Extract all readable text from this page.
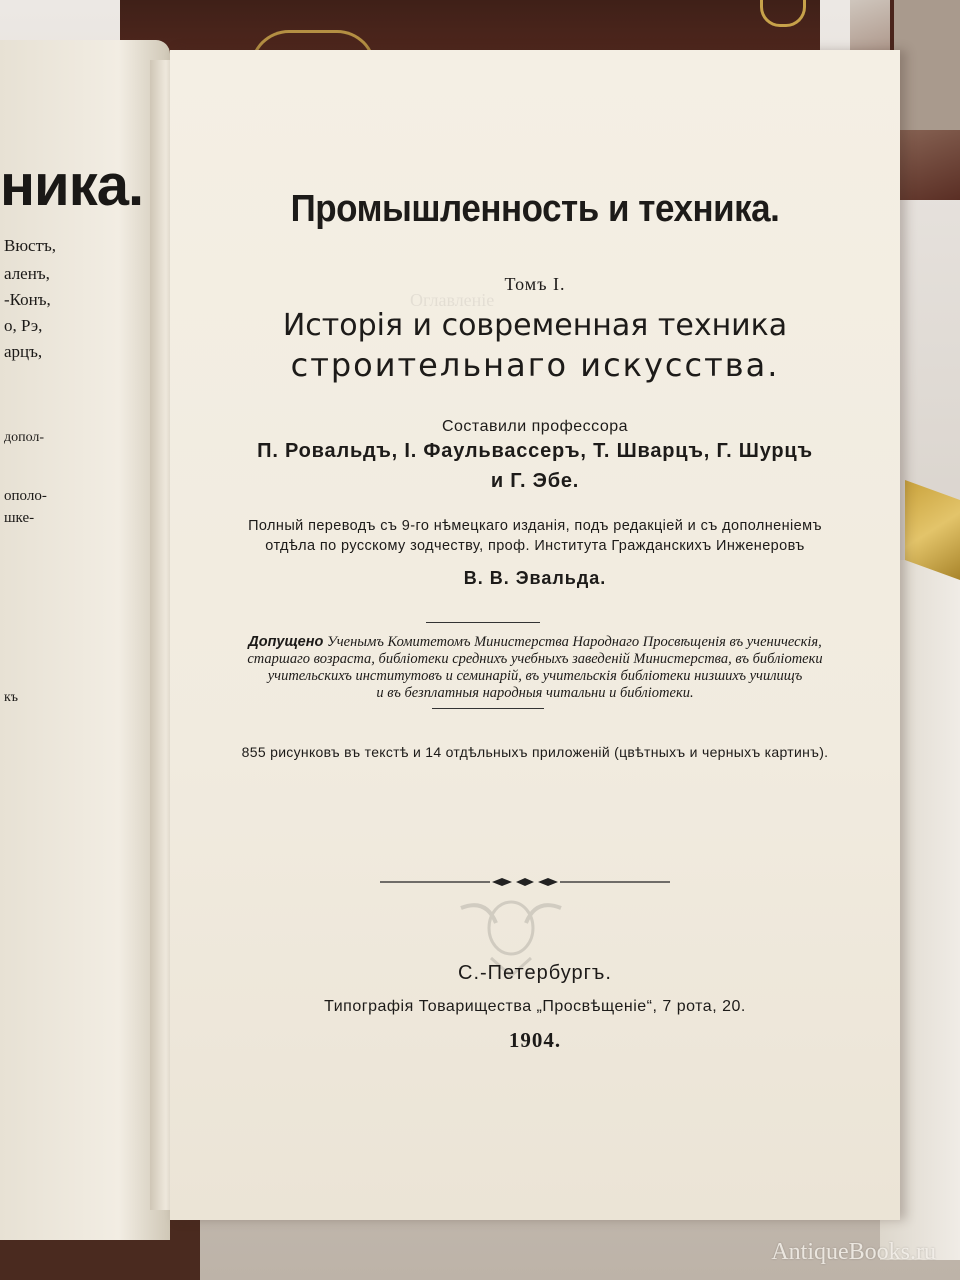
ника.
Вюстъ,
аленъ,
-Конъ,
о, Рэ,
арцъ,
допол-
ополо-
шке-
къ
Оглавленіе
Промышленность и техника.
Томъ I.
Исторія и современная техника
строительнаго искусства.
Составили профессора
П. Ровальдъ, I. Фаульвассеръ, Т. Шварцъ, Г. Шурцъ
и Г. Эбе.
Полный переводъ съ 9-го нѣмецкаго изданія, подъ редакціей и съ дополненіемъ
отдѣла по русскому зодчеству, проф. Института Гражданскихъ Инженеровъ
В. В. Эвальда.
Допущено Ученымъ Комитетомъ Министерства Народнаго Просвѣщенія въ ученическія,
старшаго возраста, библіотеки среднихъ учебныхъ заведеній Министерства, въ библіотеки
учительскихъ институтовъ и семинарій, въ учительскія библіотеки низшихъ училищъ
и въ безплатныя народныя читальни и библіотеки.
855 рисунковъ въ текстѣ и 14 отдѣльныхъ приложеній (цвѣтныхъ и черныхъ картинъ).
С.-Петербургъ.
Типографія Товарищества „Просвѣщеніе“, 7 рота, 20.
1904.
AntiqueBooks.ru
